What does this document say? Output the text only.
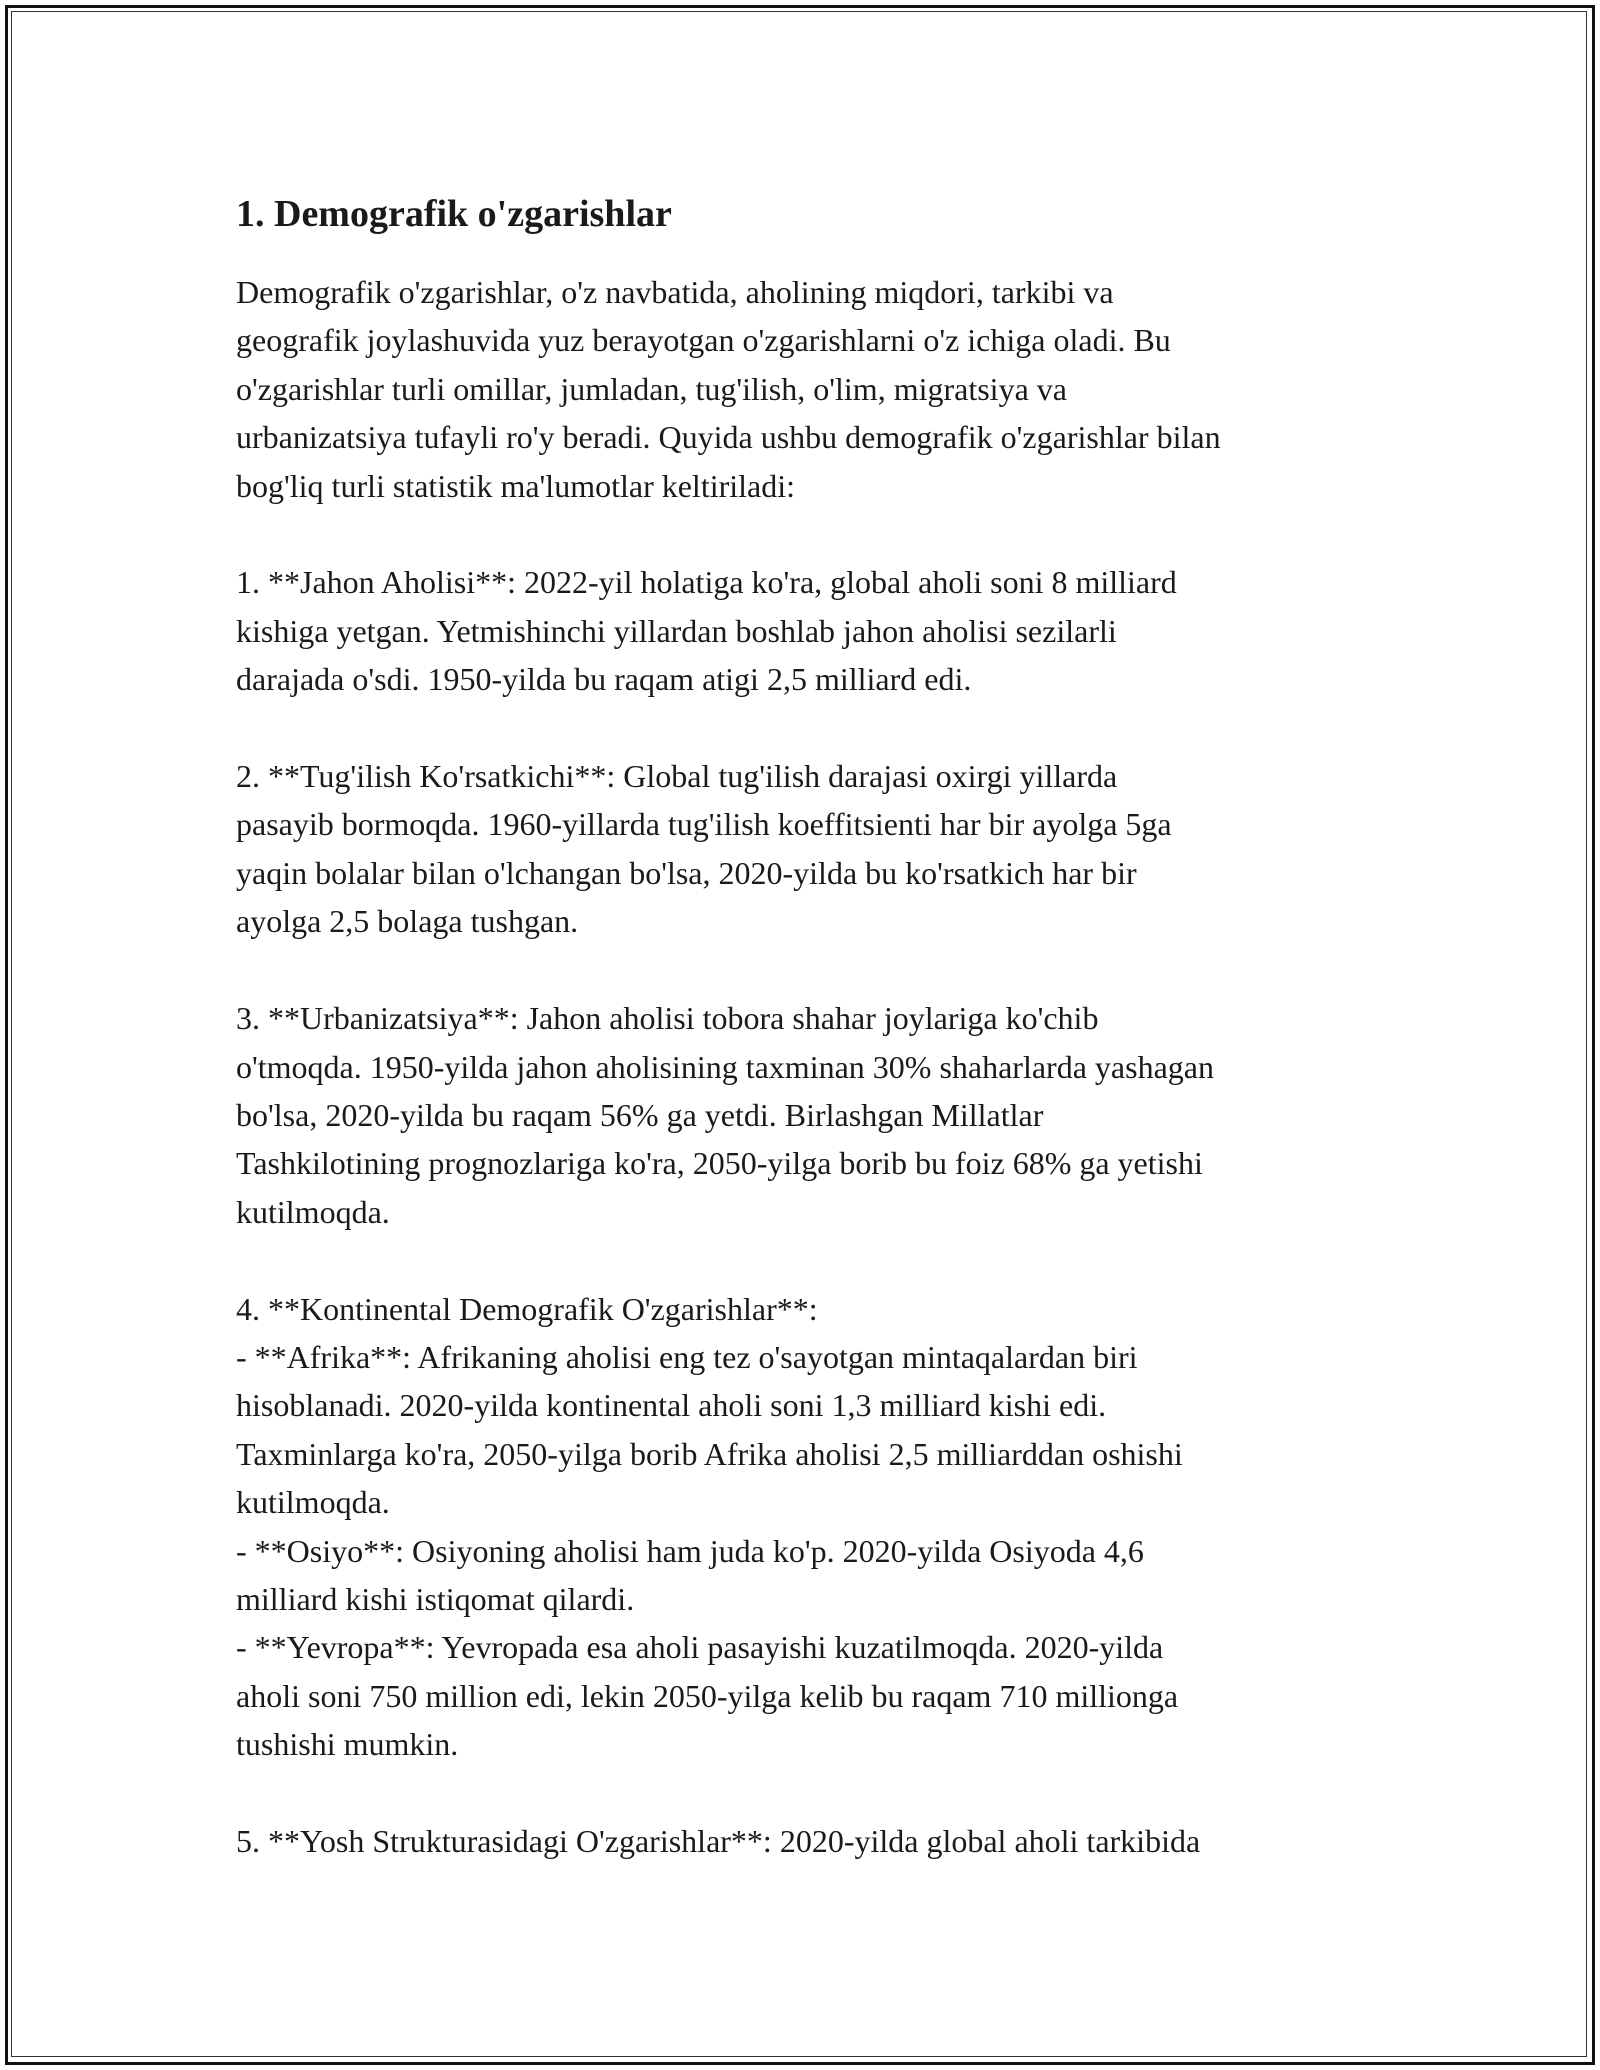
1. Demografik o'zgarishlar

Demografik o'zgarishlar, o'z navbatida, aholining miqdori, tarkibi va
geografik joylashuvida yuz berayotgan o'zgarishlarni o'z ichiga oladi. Bu
o'zgarishlar turli omillar, jumladan, tug'ilish, o'lim, migratsiya va
urbanizatsiya tufayli ro'y beradi. Quyida ushbu demografik o'zgarishlar bilan
bog'liq turli statistik ma'lumotlar keltiriladi:

1. **Jahon Aholisi**: 2022-yil holatiga ko'ra, global aholi soni 8 milliard
kishiga yetgan. Yetmishinchi yillardan boshlab jahon aholisi sezilarli
darajada o'sdi. 1950-yilda bu raqam atigi 2,5 milliard edi.

2. **Tug'ilish Ko'rsatkichi**: Global tug'ilish darajasi oxirgi yillarda
pasayib bormoqda. 1960-yillarda tug'ilish koeffitsienti har bir ayolga 5ga
yaqin bolalar bilan o'lchangan bo'lsa, 2020-yilda bu ko'rsatkich har bir
ayolga 2,5 bolaga tushgan.

3. **Urbanizatsiya**: Jahon aholisi tobora shahar joylariga ko'chib
o'tmoqda. 1950-yilda jahon aholisining taxminan 30% shaharlarda yashagan
bo'lsa, 2020-yilda bu raqam 56% ga yetdi. Birlashgan Millatlar
Tashkilotining prognozlariga ko'ra, 2050-yilga borib bu foiz 68% ga yetishi
kutilmoqda.

4. **Kontinental Demografik O'zgarishlar**:
- **Afrika**: Afrikaning aholisi eng tez o'sayotgan mintaqalardan biri
hisoblanadi. 2020-yilda kontinental aholi soni 1,3 milliard kishi edi.
Taxminlarga ko'ra, 2050-yilga borib Afrika aholisi 2,5 milliarddan oshishi
kutilmoqda.
- **Osiyo**: Osiyoning aholisi ham juda ko'p. 2020-yilda Osiyoda 4,6
milliard kishi istiqomat qilardi.
- **Yevropa**: Yevropada esa aholi pasayishi kuzatilmoqda. 2020-yilda
aholi soni 750 million edi, lekin 2050-yilga kelib bu raqam 710 millionga
tushishi mumkin.

5. **Yosh Strukturasidagi O'zgarishlar**: 2020-yilda global aholi tarkibida
